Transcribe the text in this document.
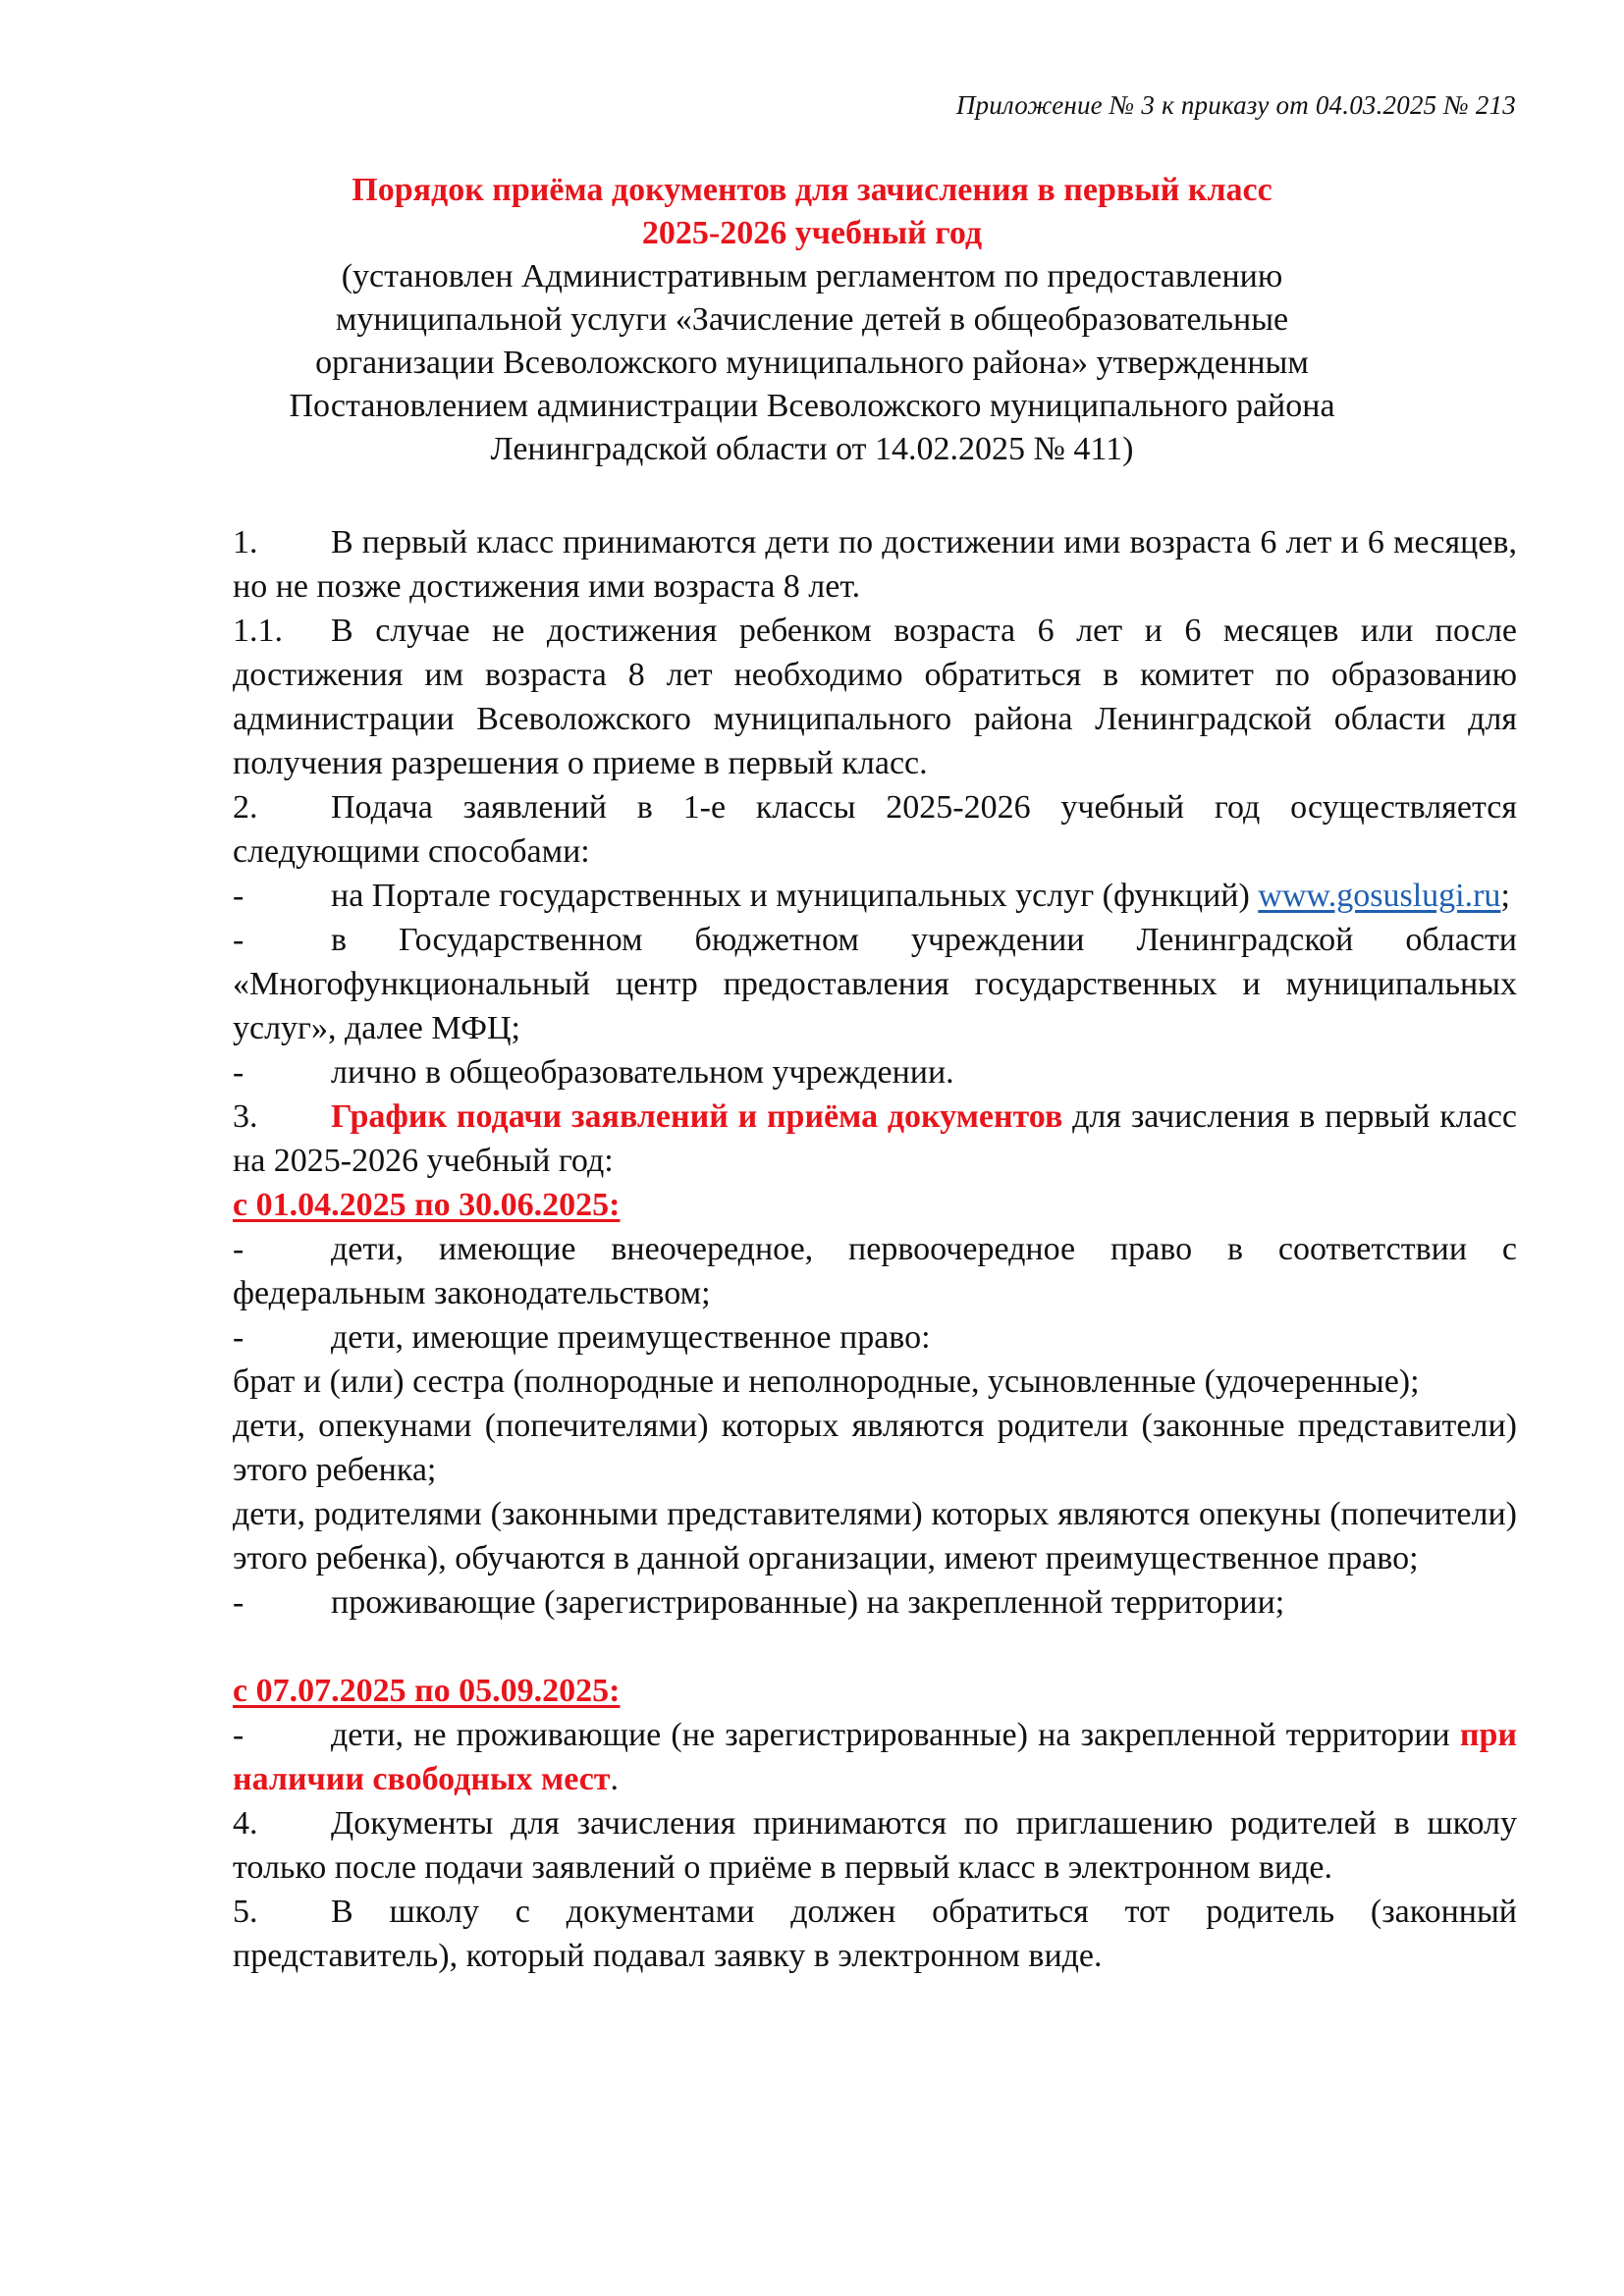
Приложение № 3 к приказу от 04.03.2025 № 213
Порядок приёма документов для зачисления в первый класс
2025-2026 учебный год
(установлен Административным регламентом по предоставлению
муниципальной услуги «Зачисление детей в общеобразовательные
организации Всеволожского муниципального района» утвержденным
Постановлением администрации Всеволожского муниципального района
Ленинградской области от 14.02.2025 № 411)

1. В первый класс принимаются дети по достижении ими возраста 6 лет и 6 месяцев, но не позже достижения ими возраста 8 лет.

1.1. В случае не достижения ребенком возраста 6 лет и 6 месяцев или после достижения им возраста 8 лет необходимо обратиться в комитет по образованию администрации Всеволожского муниципального района Ленинградской области для получения разрешения о приеме в первый класс.

2. Подача заявлений в 1-е классы 2025-2026 учебный год осуществляется следующими способами:

-	на Портале государственных и муниципальных услуг (функций) www.gosuslugi.ru;

-	в Государственном бюджетном учреждении Ленинградской области «Многофункциональный центр предоставления государственных и муниципальных услуг», далее МФЦ;

-	лично в общеобразовательном учреждении.

3. График подачи заявлений и приёма документов для зачисления в первый класс на 2025-2026 учебный год:

с 01.04.2025 по 30.06.2025:

-	дети, имеющие внеочередное, первоочередное право в соответствии с федеральным законодательством;

-	дети, имеющие преимущественное право:

брат и (или) сестра (полнородные и неполнородные, усыновленные (удочеренные);

дети, опекунами (попечителями) которых являются родители (законные представители) этого ребенка;

дети, родителями (законными представителями) которых являются опекуны (попечители) этого ребенка), обучаются в данной организации, имеют преимущественное право;

-	проживающие (зарегистрированные) на закрепленной территории;

с 07.07.2025 по 05.09.2025:

-	дети, не проживающие (не зарегистрированные) на закрепленной территории при наличии свободных мест.

4. Документы для зачисления принимаются по приглашению родителей в школу только после подачи заявлений о приёме в первый класс в электронном виде.

5. В школу с документами должен обратиться тот родитель (законный представитель), который подавал заявку в электронном виде.
